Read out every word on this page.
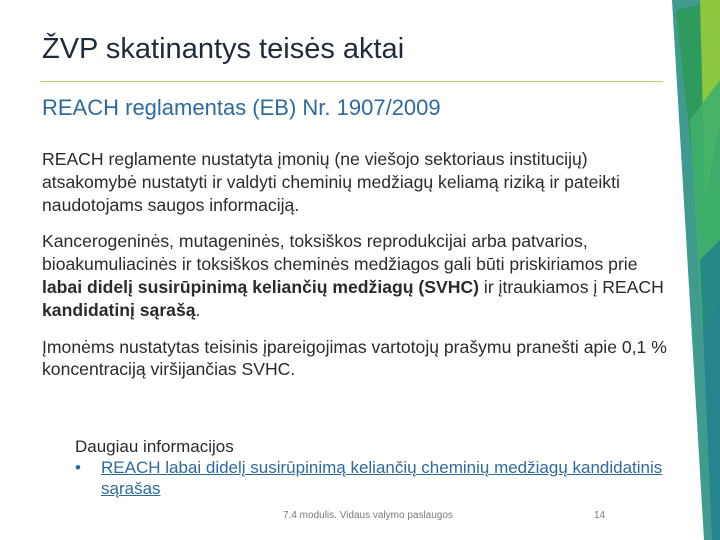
ŽVP skatinantys teisės aktai
REACH reglamentas (EB) Nr. 1907/2009

REACH reglamente nustatyta įmonių (ne viešojo sektoriaus institucijų) atsakomybė nustatyti ir valdyti cheminių medžiagų keliamą riziką ir pateikti naudotojams saugos informaciją.

Kancerogeninės, mutageninės, toksiškos reprodukcijai arba patvarios, bioakumuliacinės ir toksiškos cheminės medžiagos gali būti priskiriamos prie labai didelį susirūpinimą keliančių medžiagų (SVHC) ir įtraukiamos į REACH kandidatinį sąrašą.

Įmonėms nustatytas teisinis įpareigojimas vartotojų prašymu pranešti apie 0,1 % koncentraciją viršijančias SVHC.

Daugiau informacijos

•	REACH labai didelį susirūpinimą keliančių cheminių medžiagų kandidatinis sąrašas
7.4 modulis. Vidaus valymo paslaugos	14
